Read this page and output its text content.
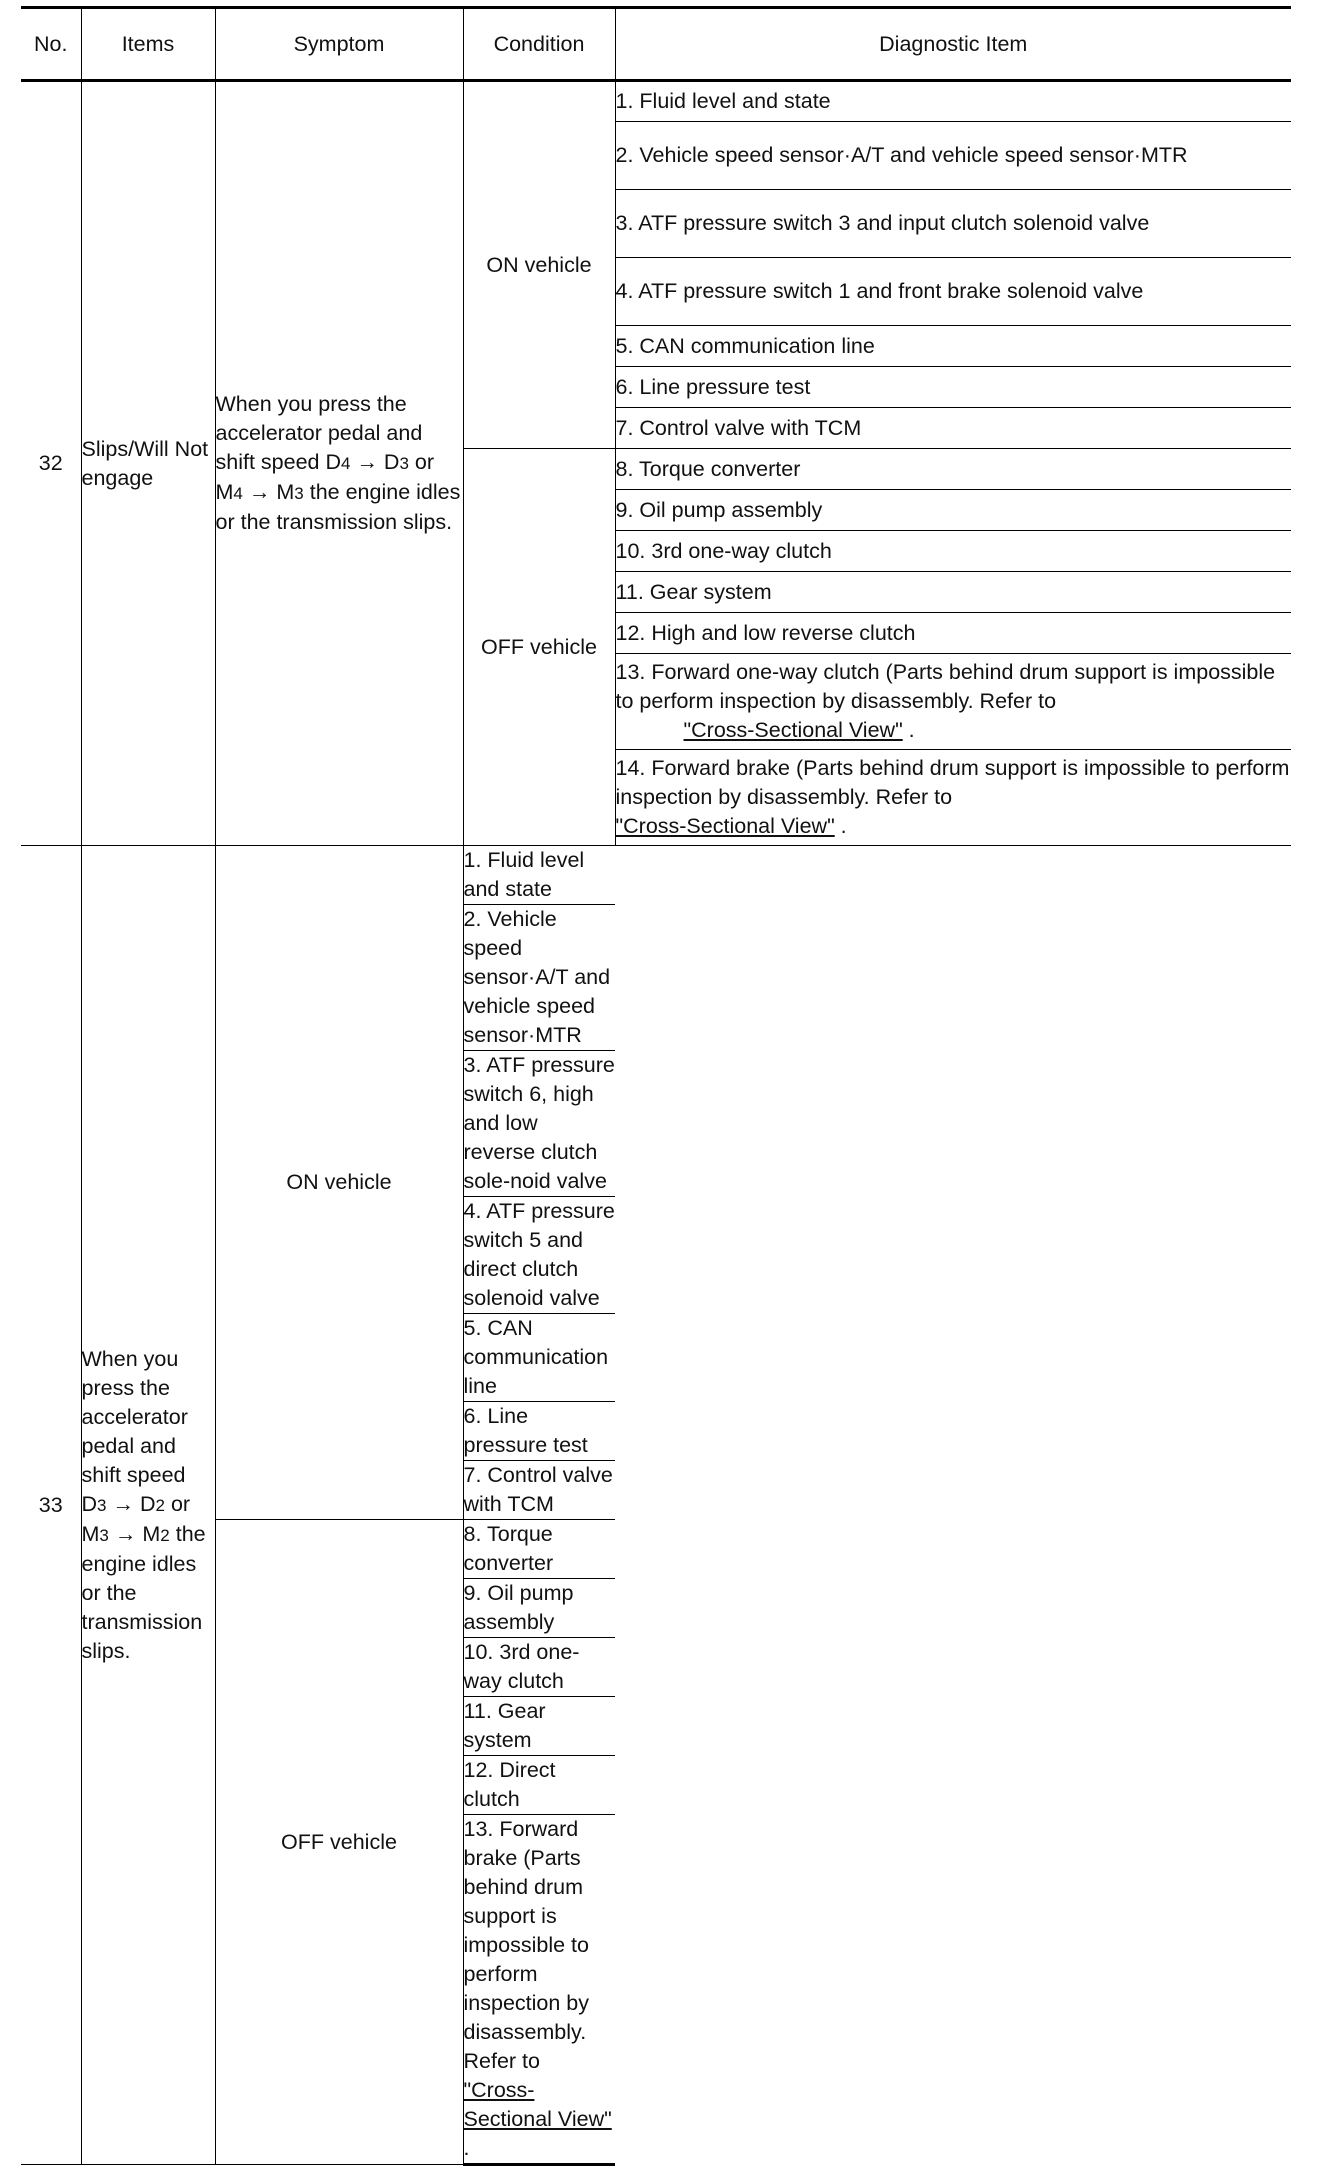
No.	Items	Symptom	Condition	Diagnostic Item
32	Slips/Will Not engage	When you press the accelerator pedal and shift speed D4 → D3 or M4 → M3 the engine idles or the transmission slips.	ON vehicle	1. Fluid level and state
				2. Vehicle speed sensor·A/T and vehicle speed sensor·MTR
				3. ATF pressure switch 3 and input clutch solenoid valve
				4. ATF pressure switch 1 and front brake solenoid valve
				5. CAN communication line
				6. Line pressure test
				7. Control valve with TCM
			OFF vehicle	8. Torque converter
				9. Oil pump assembly
				10. 3rd one-way clutch
				11. Gear system
				12. High and low reverse clutch

				13. Forward one-way clutch (Parts behind drum support is impossible to perform inspection by disassembly. Refer to
"Cross-Sectional View" .

				14. Forward brake (Parts behind drum support is impossible to perform inspection by disassembly. Refer to
"Cross-Sectional View" .

33	When you press the accelerator pedal and shift speed D3 → D2 or M3 → M2 the engine idles or the transmission slips.	ON vehicle	1. Fluid level and state	
			2. Vehicle speed sensor·A/T and vehicle speed sensor·MTR	
			3. ATF pressure switch 6, high and low reverse clutch sole-noid valve	
			4. ATF pressure switch 5 and direct clutch solenoid valve	
			5. CAN communication line	
			6. Line pressure test	
			7. Control valve with TCM	
		OFF vehicle	8. Torque converter	
			9. Oil pump assembly	
			10. 3rd one-way clutch	
			11. Gear system	
			12. Direct clutch	

			13. Forward brake (Parts behind drum support is impossible to perform inspection by disassembly. Refer to
"Cross-Sectional View" .	
